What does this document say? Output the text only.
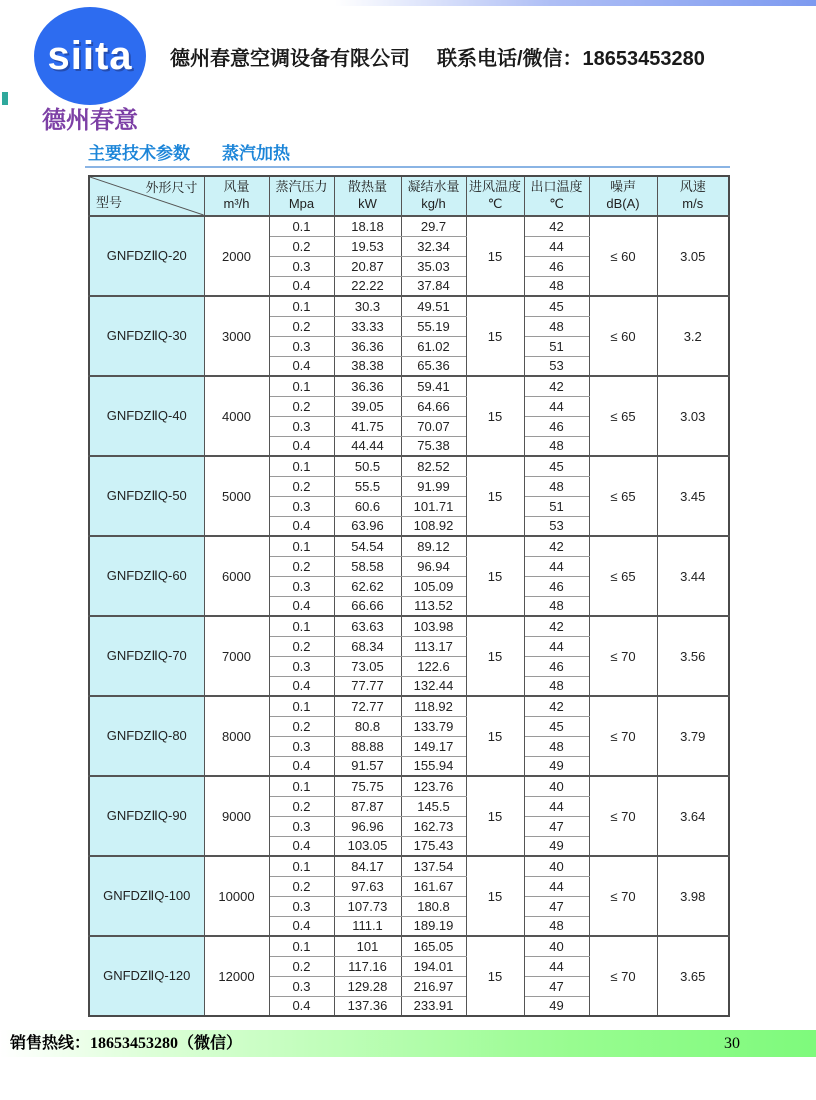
siita
德州春意
德州春意空调设备有限公司 联系电话/微信：18653453280
主要技术参数 蒸汽加热
外形尺寸
型号

风量
m³/h

蒸汽压力
Mpa

散热量
kW

凝结水量
kg/h

进风温度
℃

出口温度
℃

噪声
dB(A)

风速
m/s

GNFDZⅡQ-20	2000	0.1	18.18	29.7	15	42	≤ 60	3.05
		0.2	19.53	32.34		44		
		0.3	20.87	35.03		46		
		0.4	22.22	37.84		48		
GNFDZⅡQ-30	3000	0.1	30.3	49.51	15	45	≤ 60	3.2
		0.2	33.33	55.19		48		
		0.3	36.36	61.02		51		
		0.4	38.38	65.36		53		
GNFDZⅡQ-40	4000	0.1	36.36	59.41	15	42	≤ 65	3.03
		0.2	39.05	64.66		44		
		0.3	41.75	70.07		46		
		0.4	44.44	75.38		48		
GNFDZⅡQ-50	5000	0.1	50.5	82.52	15	45	≤ 65	3.45
		0.2	55.5	91.99		48		
		0.3	60.6	101.71		51		
		0.4	63.96	108.92		53		
GNFDZⅡQ-60	6000	0.1	54.54	89.12	15	42	≤ 65	3.44
		0.2	58.58	96.94		44		
		0.3	62.62	105.09		46		
		0.4	66.66	113.52		48		
GNFDZⅡQ-70	7000	0.1	63.63	103.98	15	42	≤ 70	3.56
		0.2	68.34	113.17		44		
		0.3	73.05	122.6		46		
		0.4	77.77	132.44		48		
GNFDZⅡQ-80	8000	0.1	72.77	118.92	15	42	≤ 70	3.79
		0.2	80.8	133.79		45		
		0.3	88.88	149.17		48		
		0.4	91.57	155.94		49		
GNFDZⅡQ-90	9000	0.1	75.75	123.76	15	40	≤ 70	3.64
		0.2	87.87	145.5		44		
		0.3	96.96	162.73		47		
		0.4	103.05	175.43		49		
GNFDZⅡQ-100	10000	0.1	84.17	137.54	15	40	≤ 70	3.98
		0.2	97.63	161.67		44		
		0.3	107.73	180.8		47		
		0.4	111.1	189.19		48		
GNFDZⅡQ-120	12000	0.1	101	165.05	15	40	≤ 70	3.65
		0.2	117.16	194.01		44		
		0.3	129.28	216.97		47		
		0.4	137.36	233.91		49		
销售热线：18653453280（微信）	30
